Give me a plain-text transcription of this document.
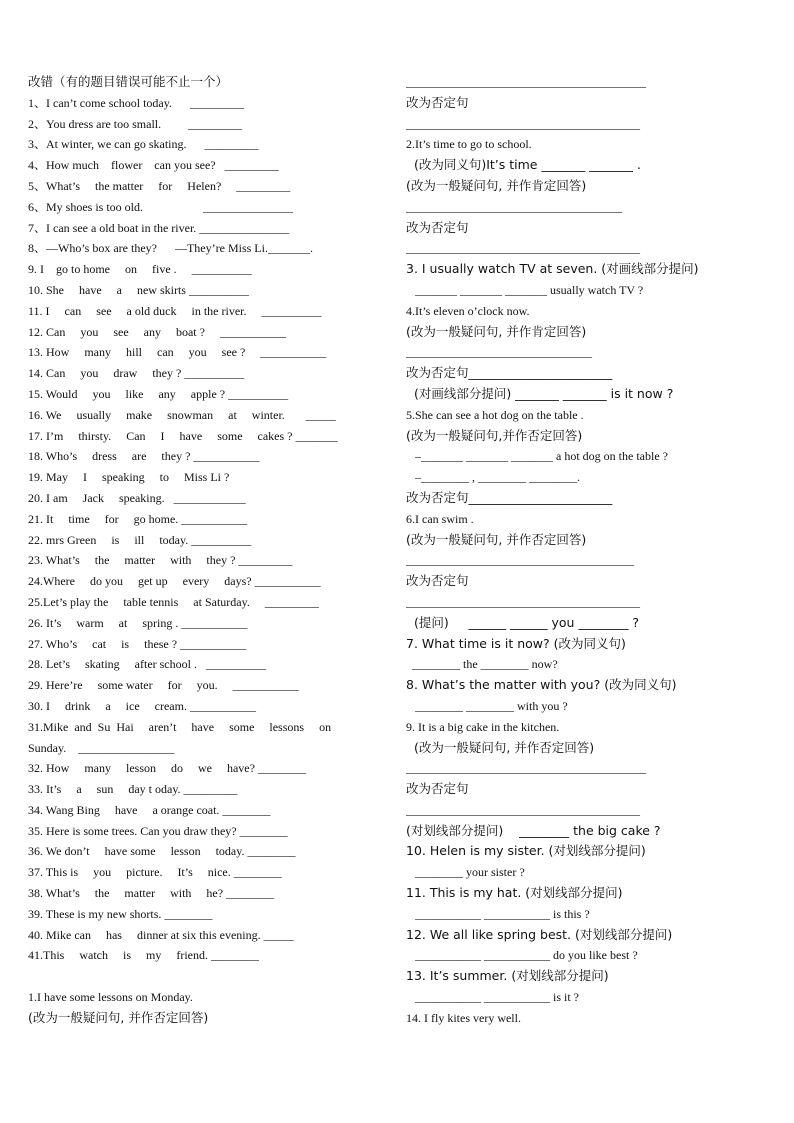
改错（有的题目错误可能不止一个）
1、I can’t come school today.      _________
2、You dress are too small.         _________
3、At winter, we can go skating.      _________
4、How much    flower    can you see?   _________
5、What’s     the matter     for     Helen?     _________
6、My shoes is too old.                    _______________
7、I can see a old boat in the river. _______________
8、—Who’s box are they?      —They’re Miss Li._______.
9. I    go to home     on     five .     __________
10. She     have     a     new skirts __________
11. I     can     see     a old duck     in the river.     __________
12. Can     you     see     any     boat ?     ___________
13. How     many     hill     can     you     see ?     ___________
14. Can     you     draw     they ? __________
15. Would     you     like     any     apple ? __________
16. We     usually     make     snowman     at     winter.       _____
17. I’m     thirsty.     Can     I     have     some     cakes ? _______
18. Who’s     dress     are     they ? ___________
19. May     I     speaking     to     Miss Li ?
20. I am     Jack     speaking.   ____________
21. It     time     for     go home. ___________
22. mrs Green     is     ill     today. __________
23. What’s     the     matter     with     they ? _________
24.Where     do you     get up     every     days? ___________
25.Let’s play the     table tennis     at Saturday.     _________
26. It’s     warm     at     spring . ___________
27. Who’s     cat     is     these ? ___________
28. Let’s     skating     after school .   __________
29. Here’re     some water     for     you.     ___________
30. I     drink     a     ice     cream. ___________
31.Mike  and  Su  Hai     aren’t     have     some     lessons     on
Sunday.    ________________
32. How     many     lesson     do     we     have? ________
33. It’s     a     sun     day t oday. _________
34. Wang Bing     have     a orange coat. ________
35. Here is some trees. Can you draw they? ________
36. We don’t     have some     lesson     today. ________
37. This is     you     picture.     It’s     nice. ________
38. What’s     the     matter     with     he? ________
39. These is my new shorts. ________
40. Mike can     has     dinner at six this evening. _____
41.This     watch     is     my     friend. ________
1.I have some lessons on Monday.
(改为一般疑问句, 并作否定回答)
________________________________________
改为否定句
_______________________________________
2.It’s time to go to school.
(改为同义句)It’s time _______ _______ .
(改为一般疑问句, 并作肯定回答)
____________________________________
改为否定句
_______________________________________
3. I usually watch TV at seven. (对画线部分提问)
_______ _______ _______ usually watch TV ?
4.It’s eleven o’clock now.
(改为一般疑问句, 并作肯定回答)
_______________________________
改为否定句_______________________
(对画线部分提问) _______ _______ is it now ?
5.She can see a hot dog on the table .
(改为一般疑问句,并作否定回答)
–_______ _______ _______ a hot dog on the table ?
–________ , ________ ________.
改为否定句_______________________
6.I can swim .
(改为一般疑问句, 并作否定回答)
______________________________________
改为否定句
_______________________________________
(提问)     ______ ______ you ________ ?
7. What time is it now? (改为同义句)
________ the ________ now?
8. What’s the matter with you? (改为同义句)
________ ________ with you ?
9. It is a big cake in the kitchen.
(改为一般疑问句, 并作否定回答)
________________________________________
改为否定句
_______________________________________
(对划线部分提问)    ________ the big cake ?
10. Helen is my sister. (对划线部分提问)
________ your sister ?
11. This is my hat. (对划线部分提问)
___________ ___________ is this ?
12. We all like spring best. (对划线部分提问)
___________ ___________ do you like best ?
13. It’s summer. (对划线部分提问)
___________ ___________ is it ?
14. I fly kites very well.
